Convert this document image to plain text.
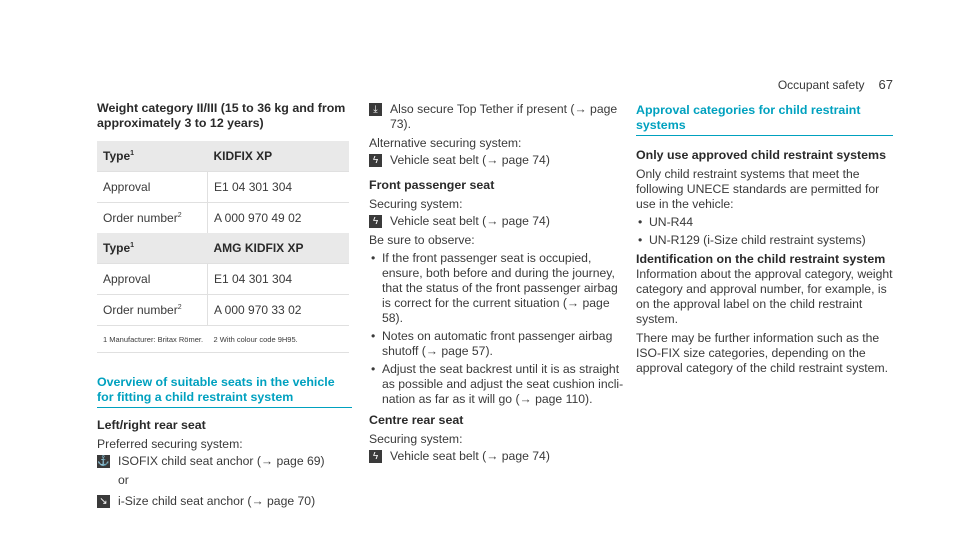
Occupant safety 67
Weight category II/III (15 to 36 kg and from approximately 3 to 12 years)
Type$^1$	KIDFIX XP
Approval	E1 04 301 304
Order number$^2$	A 000 970 49 02
Type$^1$	AMG KIDFIX XP
Approval	E1 04 301 304
Order number$^2$	A 000 970 33 02
1 Manufacturer: Britax Römer.	2 With colour code 9H95.
Overview of suitable seats in the vehicle for fitting a child restraint system
Left/right rear seat

Preferred securing system:

⚓ ISOFIX child seat anchor (→ page 69)

or

↘ i-Size child seat anchor (→ page 70)
⤓	Also secure Top Tether if present (→ page 73).

Alternative securing system:

ϟ Vehicle seat belt (→ page 74)
Front passenger seat

Securing system:

ϟ Vehicle seat belt (→ page 74)

Be sure to observe:

• If the front passenger seat is occupied, ensure, both before and during the journey, that the status of the front passenger airbag is correct for the current situation (→ page 58).
• Notes on automatic front passenger airbag shutoff (→ page 57).
• Adjust the seat backrest until it is as straight as possible and adjust the seat cushion inclination as far as it will go (→ page 110).
Centre rear seat

Securing system:

ϟ Vehicle seat belt (→ page 74)
Approval categories for child restraint systems
Only use approved child restraint systems

Only child restraint systems that meet the following UNECE standards are permitted for use in the vehicle:

• UN-R44
• UN-R129 (i-Size child restraint systems)
Identification on the child restraint system

Information about the approval category, weight category and approval number, for example, is on the approval label on the child restraint system.

There may be further information such as the ISO-FIX size categories, depending on the approval category of the child restraint system.
